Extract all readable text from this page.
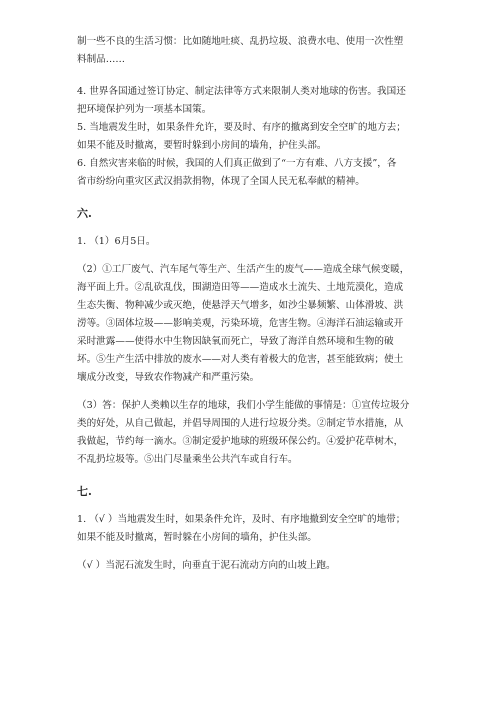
制一些不良的生活习惯：比如随地吐痰、乱扔垃圾、浪费水电、使用一次性塑

料制品……

4. 世界各国通过签订协定、制定法律等方式来限制人类对地球的伤害。我国还

把环境保护列为一项基本国策。

5. 当地震发生时，如果条件允许，要及时、有序的撤离到安全空旷的地方去；

如果不能及时撤离，要暂时躲到小房间的墙角，护住头部。

6. 自然灾害来临的时候，我国的人们真正做到了“一方有难、八方支援”，各

省市纷纷向重灾区武汉捐款捐物，体现了全国人民无私奉献的精神。

六.

1. （1）6月5日。

（2）①工厂废气、汽车尾气等生产、生活产生的废气——造成全球气候变暖，

海平面上升。②乱砍乱伐，围湖造田等——造成水土流失、土地荒漠化，造成

生态失衡、物种减少或灭绝，使悬浮天气增多，如沙尘暴频繁、山体滑坡、洪

涝等。③固体垃圾——影响美观，污染环境，危害生物。④海洋石油运输或开

采时泄露——使得水中生物因缺氧而死亡，导致了海洋自然环境和生物的破

坏。⑤生产生活中排放的废水——对人类有着极大的危害，甚至能致病；使土

壤成分改变，导致农作物减产和严重污染。

（3）答：保护人类赖以生存的地球，我们小学生能做的事情是：①宣传垃圾分

类的好处，从自己做起，并倡导周围的人进行垃圾分类。②制定节水措施，从

我做起，节约每一滴水。③制定爱护地球的班级环保公约。④爱护花草树木，

不乱扔垃圾等。⑤出门尽量乘坐公共汽车或自行车。

七.

1. （√ ）当地震发生时，如果条件允许，及时、有序地撤到安全空旷的地带；

如果不能及时撤离，暂时躲在小房间的墙角，护住头部。

（√ ）当泥石流发生时，向垂直于泥石流动方向的山坡上跑。
